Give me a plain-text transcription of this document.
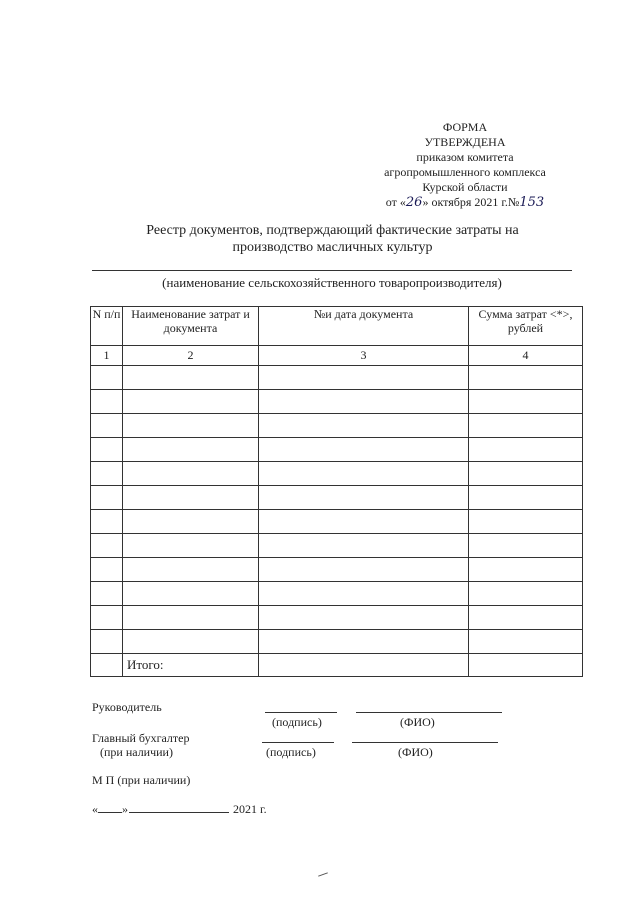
ФОРМА
УТВЕРЖДЕНА
приказом комитета
агропромышленного комплекса
Курской области
от «26» октября 2021 г.№153
Реестр документов, подтверждающий фактические затраты на
производство масличных культур
(наименование сельскохозяйственного товаропроизводителя)
N п/п	Наименование затрат и документа	№и дата документа	Сумма затрат <*>, рублей
1	2	3	4

	Итого:		
Руководитель
(подпись)	(ФИО)
Главный бухгалтер
(при наличии)	(подпись)	(ФИО)
М П (при наличии)
« »	2021 г.
